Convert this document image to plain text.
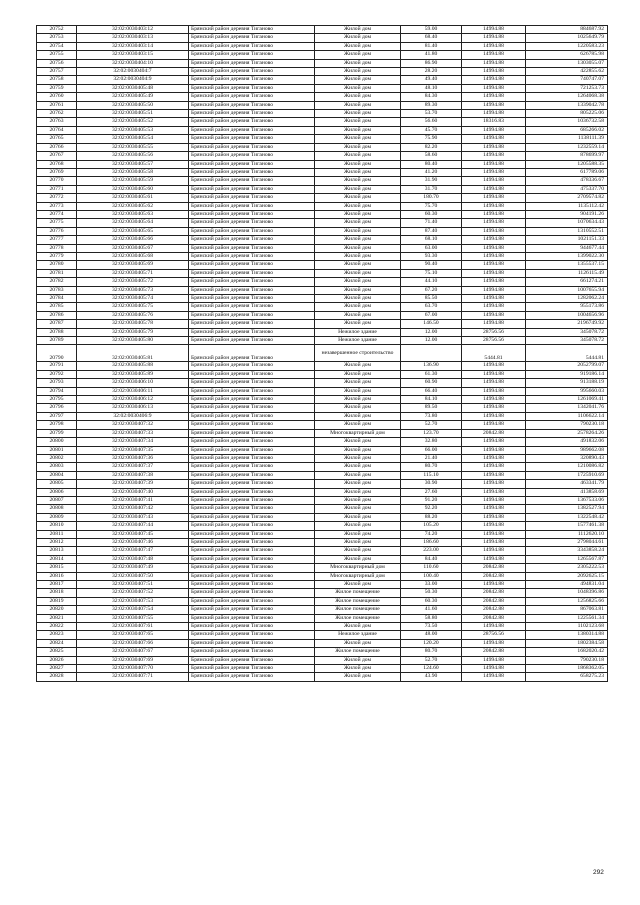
20752	32:02:0030403:12	Брянский район деревня Тиганово	Жилой дом	59.00	14994.88	884687.92
20753	32:02:0030403:13	Брянский район деревня Тиганово	Жилой дом	68.40	14994.88	1025649.79
20754	32:02:0030403:14	Брянский район деревня Тиганово	Жилой дом	81.40	14994.88	1220583.23
20755	32:02:0030403:15	Брянский район деревня Тиганово	Жилой дом	41.80	14994.88	626785.98
20756	32:02:0030404:10	Брянский район деревня Тиганово	Жилой дом	86.90	14994.88	1303055.07
20757	32:02:0030404:7	Брянский район деревня Тиганово	Жилой дом	28.20	14994.88	422855.62
20758	32:02:0030404:9	Брянский район деревня Тиганово	Жилой дом	49.40	14994.88	740747.07
20759	32:02:0030405:48	Брянский район деревня Тиганово	Жилой дом	48.10	14994.88	721253.73
20760	32:02:0030405:49	Брянский район деревня Тиганово	Жилой дом	84.30	14994.88	1264068.38
20761	32:02:0030405:50	Брянский район деревня Тиганово	Жилой дом	89.30	14994.88	1339042.78
20762	32:02:0030405:51	Брянский район деревня Тиганово	Жилой дом	53.70	14994.88	805225.06
20763	32:02:0030405:52	Брянский район деревня Тиганово	Жилой дом	56.60	18316.83	1036732.58
20764	32:02:0030405:53	Брянский район деревня Тиганово	Жилой дом	45.70	14994.88	685266.02
20765	32:02:0030405:54	Брянский район деревня Тиганово	Жилой дом	75.90	14994.88	1138111.39
20766	32:02:0030405:55	Брянский район деревня Тиганово	Жилой дом	82.20	14994.88	1232559.14
20767	32:02:0030405:56	Брянский район деревня Тиганово	Жилой дом	58.60	14994.88	878699.97
20768	32:02:0030405:57	Брянский район деревня Тиганово	Жилой дом	80.40	14994.88	1205588.35
20769	32:02:0030405:58	Брянский район деревня Тиганово	Жилой дом	41.20	14994.88	617789.06
20770	32:02:0030405:59	Брянский район деревня Тиганово	Жилой дом	31.90	14994.88	478336.67
20771	32:02:0030405:60	Брянский район деревня Тиганово	Жилой дом	31.70	14994.88	475337.70
20772	32:02:0030405:61	Брянский район деревня Тиганово	Жилой дом	180.70	14994.88	2709574.82
20773	32:02:0030405:62	Брянский район деревня Тиганово	Жилой дом	75.70	14994.88	1135112.42
20774	32:02:0030405:63	Брянский район деревня Тиганово	Жилой дом	60.30	14994.88	904191.26
20775	32:02:0030405:64	Брянский район деревня Тиганово	Жилой дом	71.40	14994.88	1070634.43
20776	32:02:0030405:65	Брянский район деревня Тиганово	Жилой дом	87.40	14994.88	1310552.51
20777	32:02:0030405:66	Брянский район деревня Тиганово	Жилой дом	68.10	14994.88	1021151.33
20778	32:02:0030405:67	Брянский район деревня Тиганово	Жилой дом	63.00	14994.88	944677.44
20779	32:02:0030405:68	Брянский район деревня Тиганово	Жилой дом	93.30	14994.88	1399022.30
20780	32:02:0030405:69	Брянский район деревня Тиганово	Жилой дом	90.40	14994.88	1355537.15
20781	32:02:0030405:71	Брянский район деревня Тиганово	Жилой дом	75.10	14994.88	1126115.49
20782	32:02:0030405:72	Брянский район деревня Тиганово	Жилой дом	44.10	14994.88	661274.21
20783	32:02:0030405:73	Брянский район деревня Тиганово	Жилой дом	67.20	14994.88	1007655.94
20784	32:02:0030405:74	Брянский район деревня Тиганово	Жилой дом	85.50	14994.88	1282062.24
20785	32:02:0030405:75	Брянский район деревня Тиганово	Жилой дом	63.70	14994.88	955173.86
20786	32:02:0030405:76	Брянский район деревня Тиганово	Жилой дом	67.00	14994.88	1004656.96
20787	32:02:0030405:78	Брянский район деревня Тиганово	Жилой дом	146.50	14994.88	2196749.92
20788	32:02:0030405:79	Брянский район деревня Тиганово	Нежилое здание	12.00	28756.56	345078.72
20789	32:02:0030405:80	Брянский район деревня Тиганово	Нежилое здание	12.00	28756.56	345078.72
20790	32:02:0030405:81	Брянский район деревня Тиганово	незавершенное строительство		5444.81	5444.81
20791	32:02:0030405:88	Брянский район деревня Тиганово	Жилой дом	136.90	14994.88	2052799.07
20792	32:02:0030405:89	Брянский район деревня Тиганово	Жилой дом	61.30	14994.88	919186.14
20793	32:02:0030406:10	Брянский район деревня Тиганово	Жилой дом	60.90	14994.88	913188.19
20794	32:02:0030406:11	Брянский район деревня Тиганово	Жилой дом	66.40	14994.88	995660.03
20795	32:02:0030406:12	Брянский район деревня Тиганово	Жилой дом	84.10	14994.88	1261069.41
20796	32:02:0030406:13	Брянский район деревня Тиганово	Жилой дом	89.50	14994.88	1342041.76
20797	32:02:0030406:9	Брянский район деревня Тиганово	Жилой дом	73.80	14994.88	1106622.14
20798	32:02:0030407:32	Брянский район деревня Тиганово	Жилой дом	52.70	14994.88	790230.18
20799	32:02:0030407:33	Брянский район деревня Тиганово	Многоквартирный дом	123.70	20842.88	2578264.26
20800	32:02:0030407:34	Брянский район деревня Тиганово	Жилой дом	32.80	14994.88	491832.06
20801	32:02:0030407:35	Брянский район деревня Тиганово	Жилой дом	66.00	14994.88	989662.08
20802	32:02:0030407:36	Брянский район деревня Тиганово	Жилой дом	21.40	14994.88	320890.43
20803	32:02:0030407:37	Брянский район деревня Тиганово	Жилой дом	80.70	14994.88	1210086.82
20804	32:02:0030407:38	Брянский район деревня Тиганово	Жилой дом	115.10	14994.88	1725910.69
20805	32:02:0030407:39	Брянский район деревня Тиганово	Жилой дом	30.90	14994.88	463341.79
20806	32:02:0030407:40	Брянский район деревня Тиганово	Жилой дом	27.60	14994.88	413858.69
20807	32:02:0030407:41	Брянский район деревня Тиганово	Жилой дом	91.20	14994.88	1367533.06
20808	32:02:0030407:42	Брянский район деревня Тиганово	Жилой дом	92.20	14994.88	1382527.94
20809	32:02:0030407:43	Брянский район деревня Тиганово	Жилой дом	88.20	14994.88	1322548.42
20810	32:02:0030407:44	Брянский район деревня Тиганово	Жилой дом	105.20	14994.88	1577461.38
20811	32:02:0030407:45	Брянский район деревня Тиганово	Жилой дом	74.20	14994.88	1112620.10
20812	32:02:0030407:46	Брянский район деревня Тиганово	Жилой дом	186.60	14994.88	2798044.61
20813	32:02:0030407:47	Брянский район деревня Тиганово	Жилой дом	223.00	14994.88	3343858.24
20814	32:02:0030407:48	Брянский район деревня Тиганово	Жилой дом	84.40	14994.88	1265567.87
20815	32:02:0030407:49	Брянский район деревня Тиганово	Многоквартирный дом	110.60	20842.88	2305222.53
20816	32:02:0030407:50	Брянский район деревня Тиганово	Многоквартирный дом	100.40	20842.88	2092625.15
20817	32:02:0030407:51	Брянский район деревня Тиганово	Жилой дом	33.00	14994.88	494831.04
20818	32:02:0030407:52	Брянский район деревня Тиганово	Жилое помещение	50.30	20842.88	1048396.86
20819	32:02:0030407:53	Брянский район деревня Тиганово	Жилое помещение	60.30	20842.88	1256825.66
20820	32:02:0030407:54	Брянский район деревня Тиганово	Жилое помещение	41.60	20842.88	867063.81
20821	32:02:0030407:55	Брянский район деревня Тиганово	Жилое помещение	58.80	20842.88	1225561.34
20822	32:02:0030407:61	Брянский район деревня Тиганово	Жилой дом	73.50	14994.88	1102123.68
20823	32:02:0030407:65	Брянский район деревня Тиганово	Нежилое здание	48.00	28756.56	1380314.88
20824	32:02:0030407:66	Брянский район деревня Тиганово	Жилой дом	120.20	14994.88	1802384.58
20825	32:02:0030407:67	Брянский район деревня Тиганово	Жилое помещение	80.70	20842.88	1682020.42
20826	32:02:0030407:69	Брянский район деревня Тиганово	Жилой дом	52.70	14994.88	790230.18
20827	32:02:0030407:70	Брянский район деревня Тиганово	Жилой дом	124.60	14994.88	1868362.05
20828	32:02:0030407:71	Брянский район деревня Тиганово	Жилой дом	43.90	14994.88	658275.23
292
